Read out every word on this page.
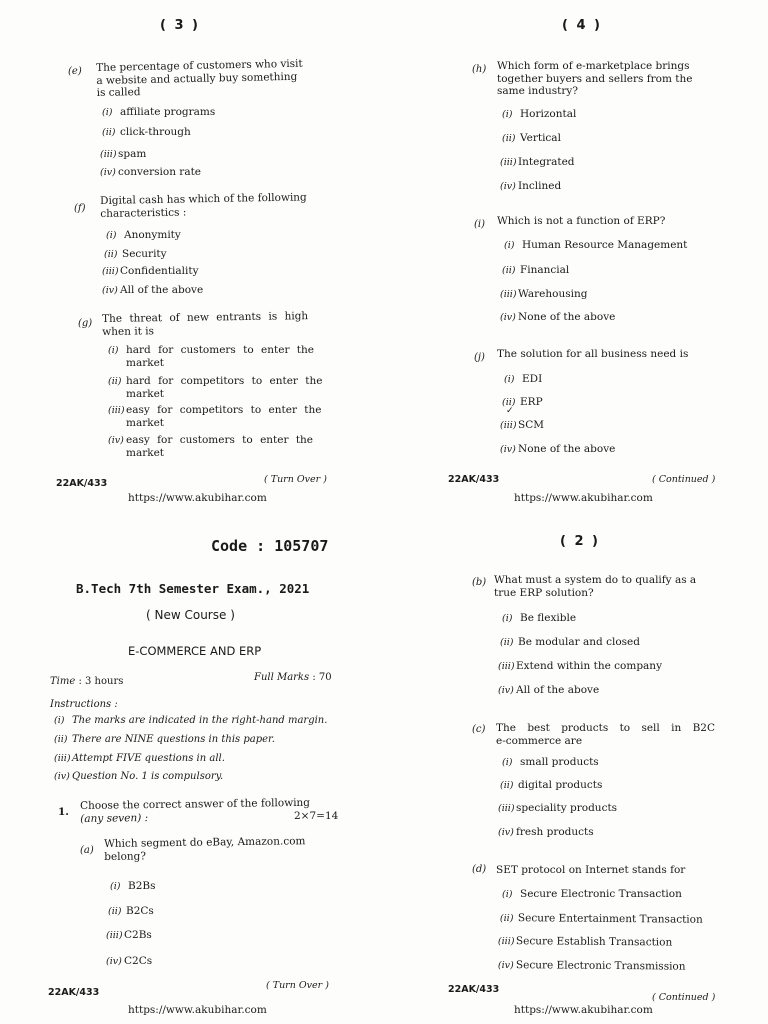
( 3 )
(e) The percentage of customers who visit
a website and actually buy something
is called
(i) affiliate programs
(ii) click-through
(iii)spam
(iv) conversion rate
(f)
Digital cash has which of the following
characteristics :
(i) Anonymity
(ii) Security
(iii)Confidentiality
(iv) All of the above
(g) The threat of new entrants is high
when it is
(i) hard for customers to enter the
market
(ii) hard for competitors to enter the
market
(iii)easy for competitors to enter the
market
(iv) easy for customers to enter the
market
22AK/433	( Turn Over )
https://www.akubihar.com
( 4 )
(h) Which form of e-marketplace brings
together buyers and sellers from the
same industry?
(i) Horizontal
(ii) Vertical
(iii)Integrated
(iv) Inclined
(i) Which is not a function of ERP?
(i) Human Resource Management
(ii) Financial
(iii)Warehousing
(iv) None of the above
(j) The solution for all business need is
(i) EDI
(ii) ERP
✓
(iii)SCM
(iv) None of the above
22AK/433	( Continued )
https://www.akubihar.com
Code : 105707
B.Tech 7th Semester Exam., 2021
( New Course )
E-COMMERCE AND ERP
Time : 3 hours	Full Marks : 70
Instructions :
(i) The marks are indicated in the right-hand margin.
(ii) There are NINE questions in this paper.
(iii)Attempt FIVE questions in all.
(iv) Question No. 1 is compulsory.
1.
Choose the correct answer of the following
(any seven) :	2×7=14
(a)
Which segment do eBay, Amazon.com
belong?
(i) B2Bs
(ii) B2Cs
(iii)C2Bs
(iv) C2Cs
22AK/433
( Turn Over )
https://www.akubihar.com
( 2 )
(b) What must a system do to qualify as a
true ERP solution?
(i) Be flexible
(ii) Be modular and closed
(iii)Extend within the company
(iv) All of the above
(c) The best products to sell in B2C
e-commerce are
(i) small products
(ii) digital products
(iii)speciality products
(iv) fresh products
(d) SET protocol on Internet stands for
(i) Secure Electronic Transaction
(ii) Secure Entertainment Transaction
(iii)Secure Establish Transaction
(iv) Secure Electronic Transmission
22AK/433
( Continued )
https://www.akubihar.com
